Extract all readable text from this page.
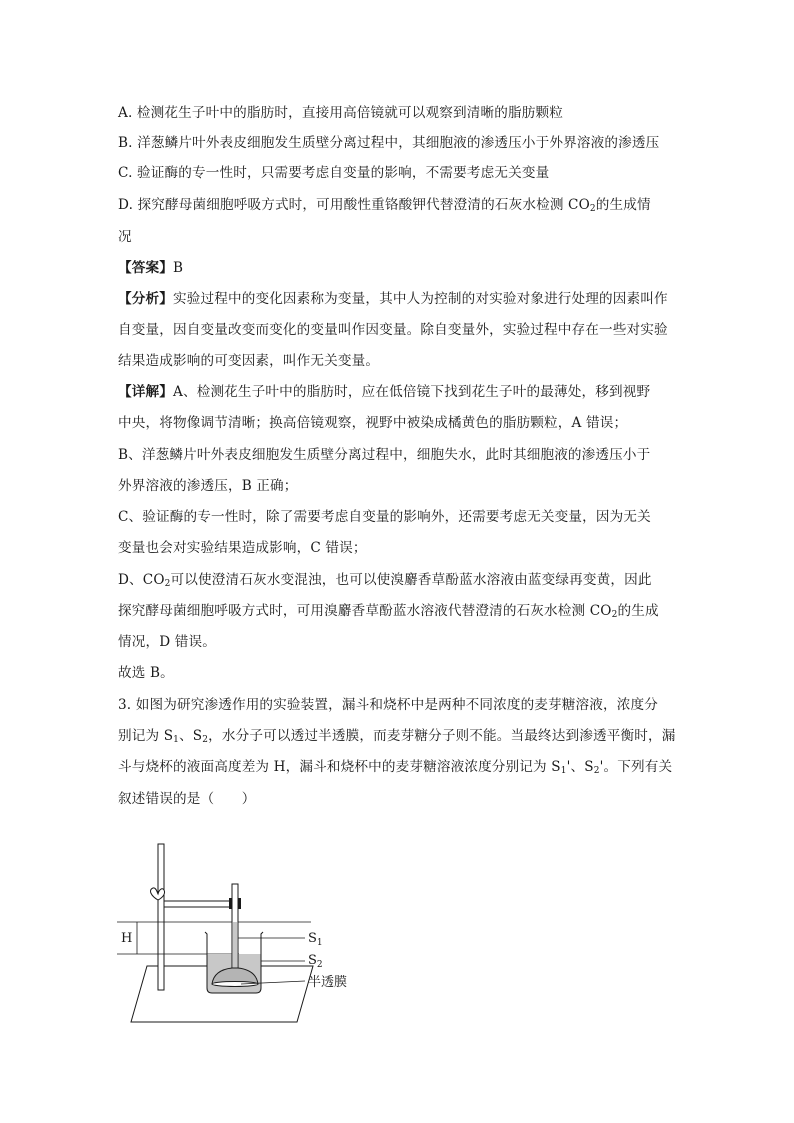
A. 检测花生子叶中的脂肪时，直接用高倍镜就可以观察到清晰的脂肪颗粒
B. 洋葱鳞片叶外表皮细胞发生质壁分离过程中，其细胞液的渗透压小于外界溶液的渗透压
C. 验证酶的专一性时，只需要考虑自变量的影响，不需要考虑无关变量
D. 探究酵母菌细胞呼吸方式时，可用酸性重铬酸钾代替澄清的石灰水检测 $CO_2$的生成情
况
【答案】B
【分析】实验过程中的变化因素称为变量，其中人为控制的对实验对象进行处理的因素叫作
自变量，因自变量改变而变化的变量叫作因变量。除自变量外，实验过程中存在一些对实验
结果造成影响的可变因素，叫作无关变量。
【详解】A、检测花生子叶中的脂肪时，应在低倍镜下找到花生子叶的最薄处，移到视野
中央，将物像调节清晰；换高倍镜观察，视野中被染成橘黄色的脂肪颗粒，A 错误；
B、洋葱鳞片叶外表皮细胞发生质壁分离过程中，细胞失水，此时其细胞液的渗透压小于
外界溶液的渗透压，B 正确；
C、验证酶的专一性时，除了需要考虑自变量的影响外，还需要考虑无关变量，因为无关
变量也会对实验结果造成影响，C 错误；
D、$CO_2$可以使澄清石灰水变混浊，也可以使溴麝香草酚蓝水溶液由蓝变绿再变黄，因此
探究酵母菌细胞呼吸方式时，可用溴麝香草酚蓝水溶液代替澄清的石灰水检测 $CO_2$的生成
情况，D 错误。
故选 B。
3. 如图为研究渗透作用的实验装置，漏斗和烧杯中是两种不同浓度的麦芽糖溶液，浓度分
别记为 $S_1$、$S_2$，水分子可以透过半透膜，而麦芽糖分子则不能。当最终达到渗透平衡时，漏
斗与烧杯的液面高度差为 H，漏斗和烧杯中的麦芽糖溶液浓度分别记为 $S_1'$、$S_2'$。下列有关
叙述错误的是（　　）
H	$S_1$
$S_2$
半透膜
